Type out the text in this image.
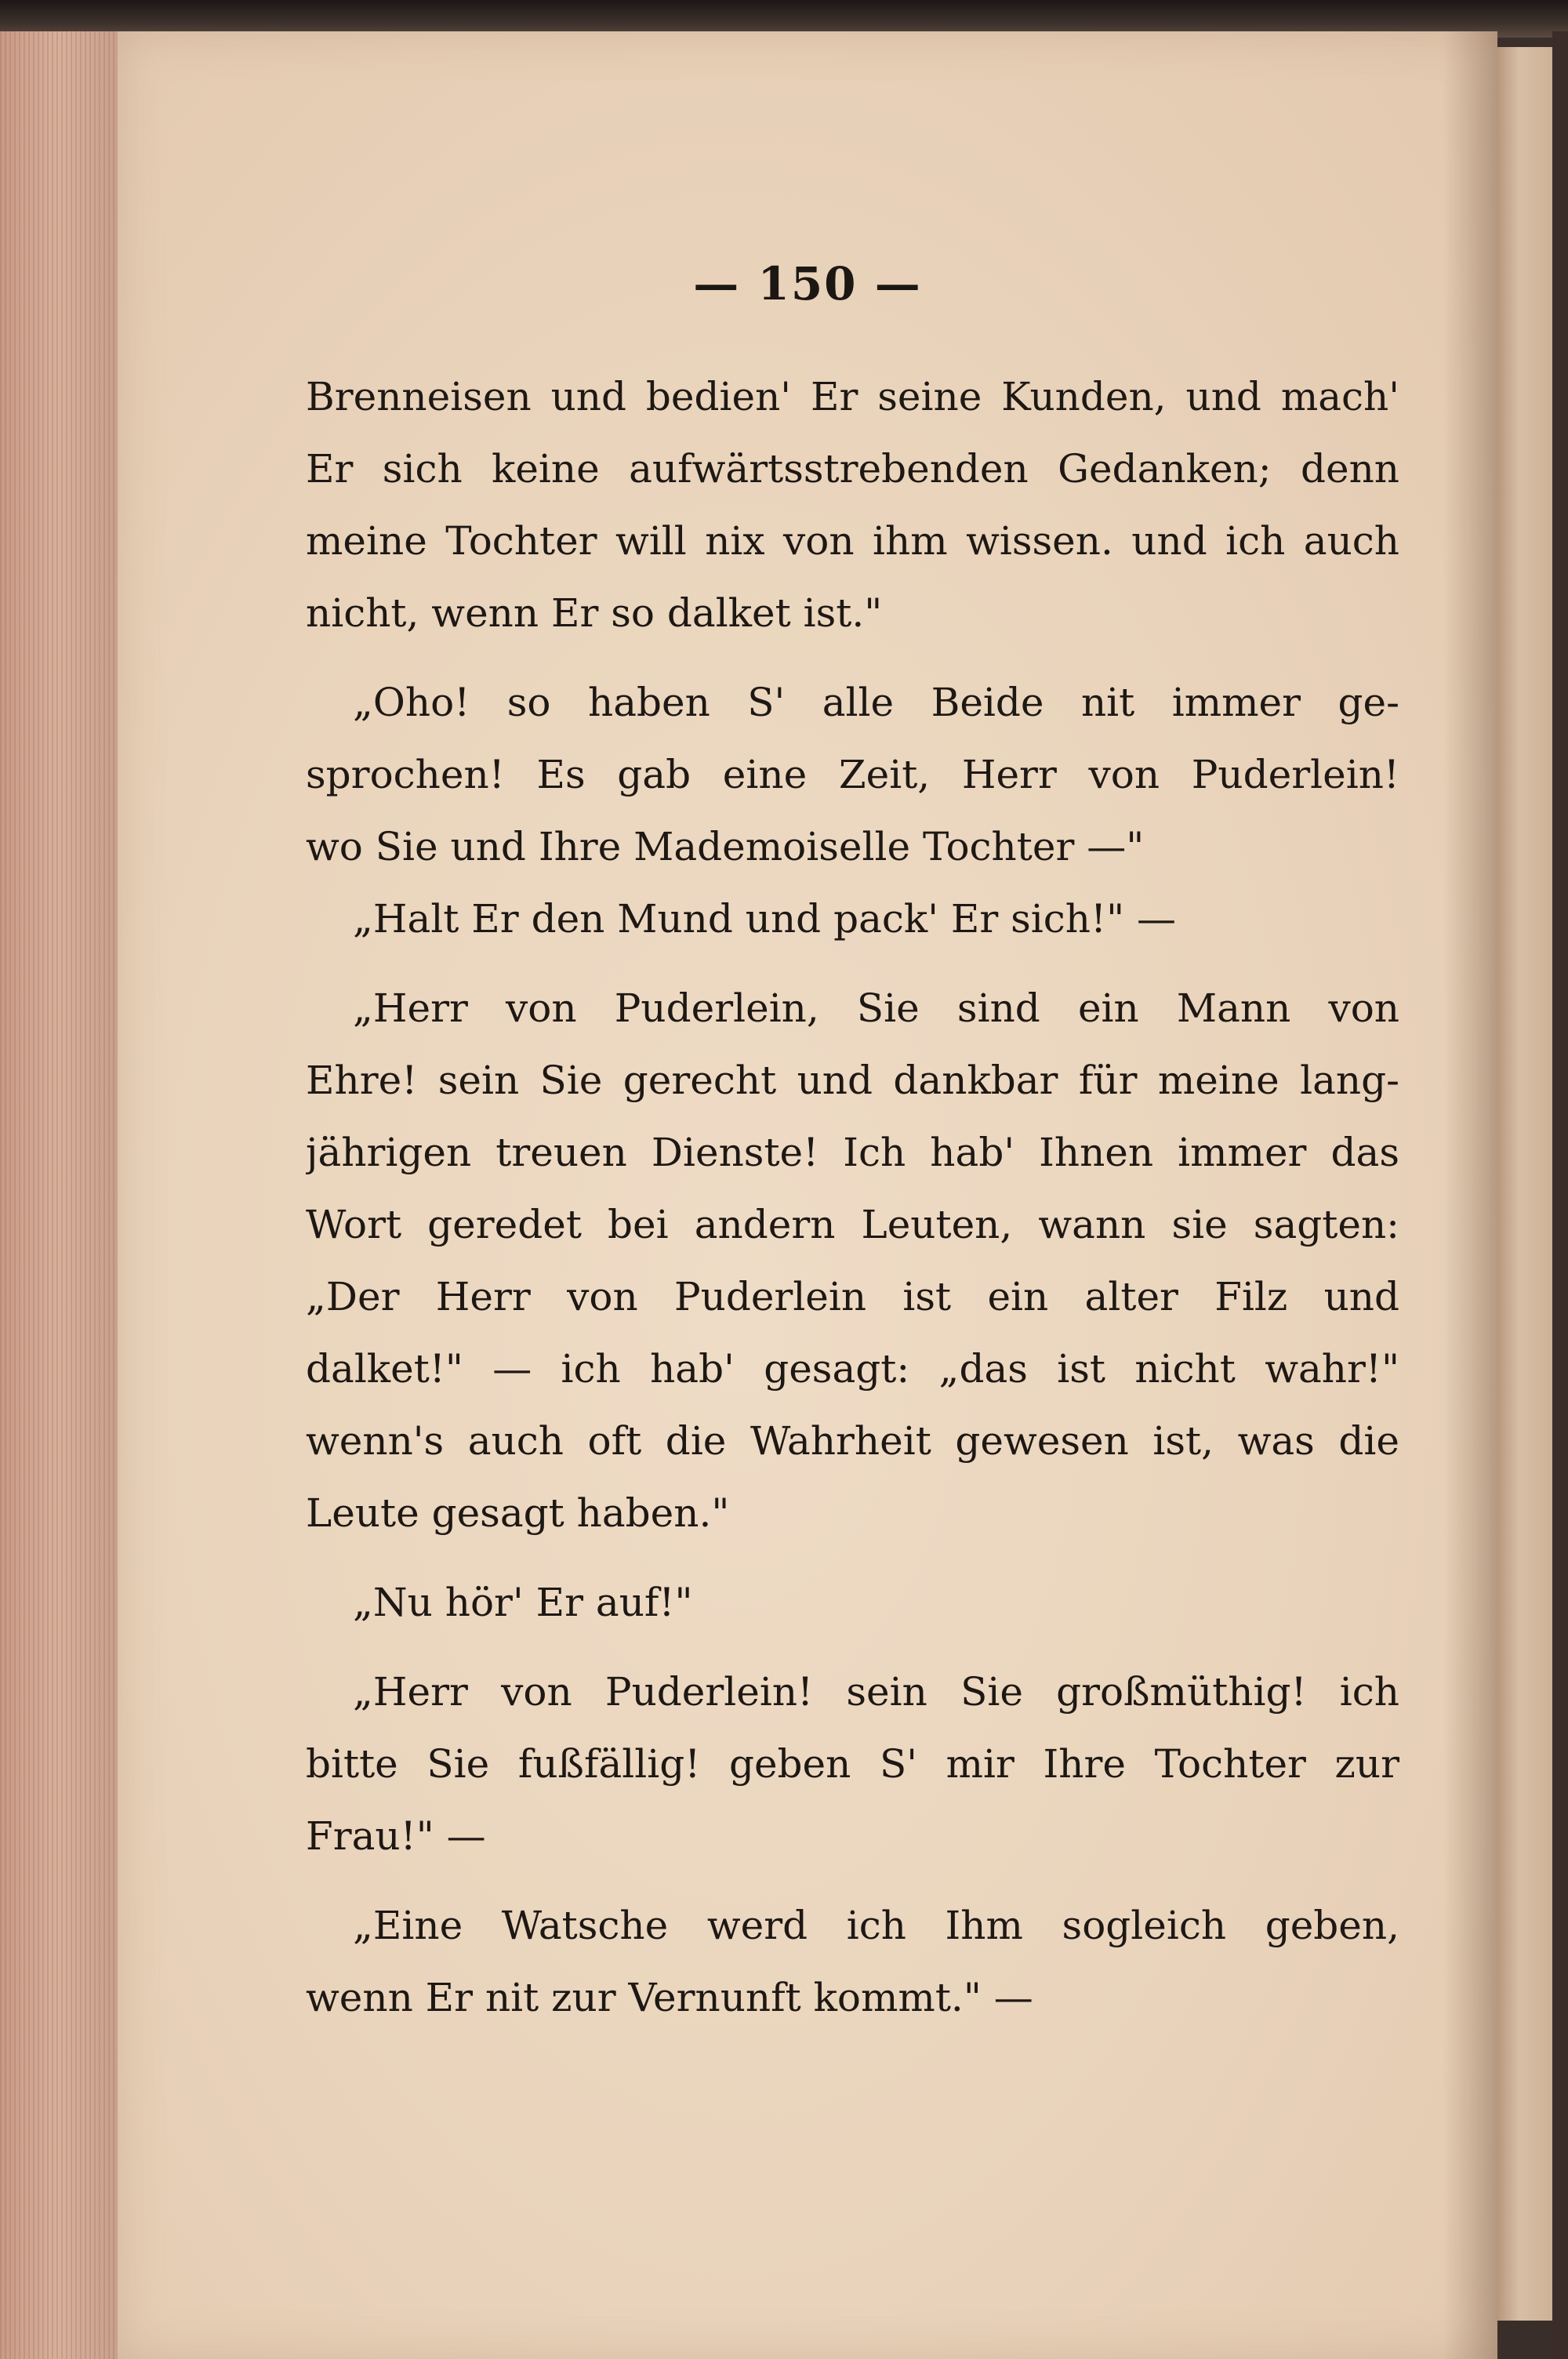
— 150 —
Brenneisen und bedien' Er seine Kunden, und mach'
Er sich keine aufwärtsstrebenden Gedanken; denn
meine Tochter will nix von ihm wissen. und ich auch
nicht, wenn Er so dalket ist."
„Oho! so haben S' alle Beide nit immer ge-
sprochen! Es gab eine Zeit, Herr von Puderlein!
wo Sie und Ihre Mademoiselle Tochter —"
„Halt Er den Mund und pack' Er sich!" —
„Herr von Puderlein, Sie sind ein Mann von
Ehre! sein Sie gerecht und dankbar für meine lang-
jährigen treuen Dienste! Ich hab' Ihnen immer das
Wort geredet bei andern Leuten, wann sie sagten:
„Der Herr von Puderlein ist ein alter Filz und
dalket!" — ich hab' gesagt: „das ist nicht wahr!"
wenn's auch oft die Wahrheit gewesen ist, was die
Leute gesagt haben."
„Nu hör' Er auf!"
„Herr von Puderlein! sein Sie großmüthig! ich
bitte Sie fußfällig! geben S' mir Ihre Tochter zur
Frau!" —
„Eine Watsche werd ich Ihm sogleich geben,
wenn Er nit zur Vernunft kommt." —
